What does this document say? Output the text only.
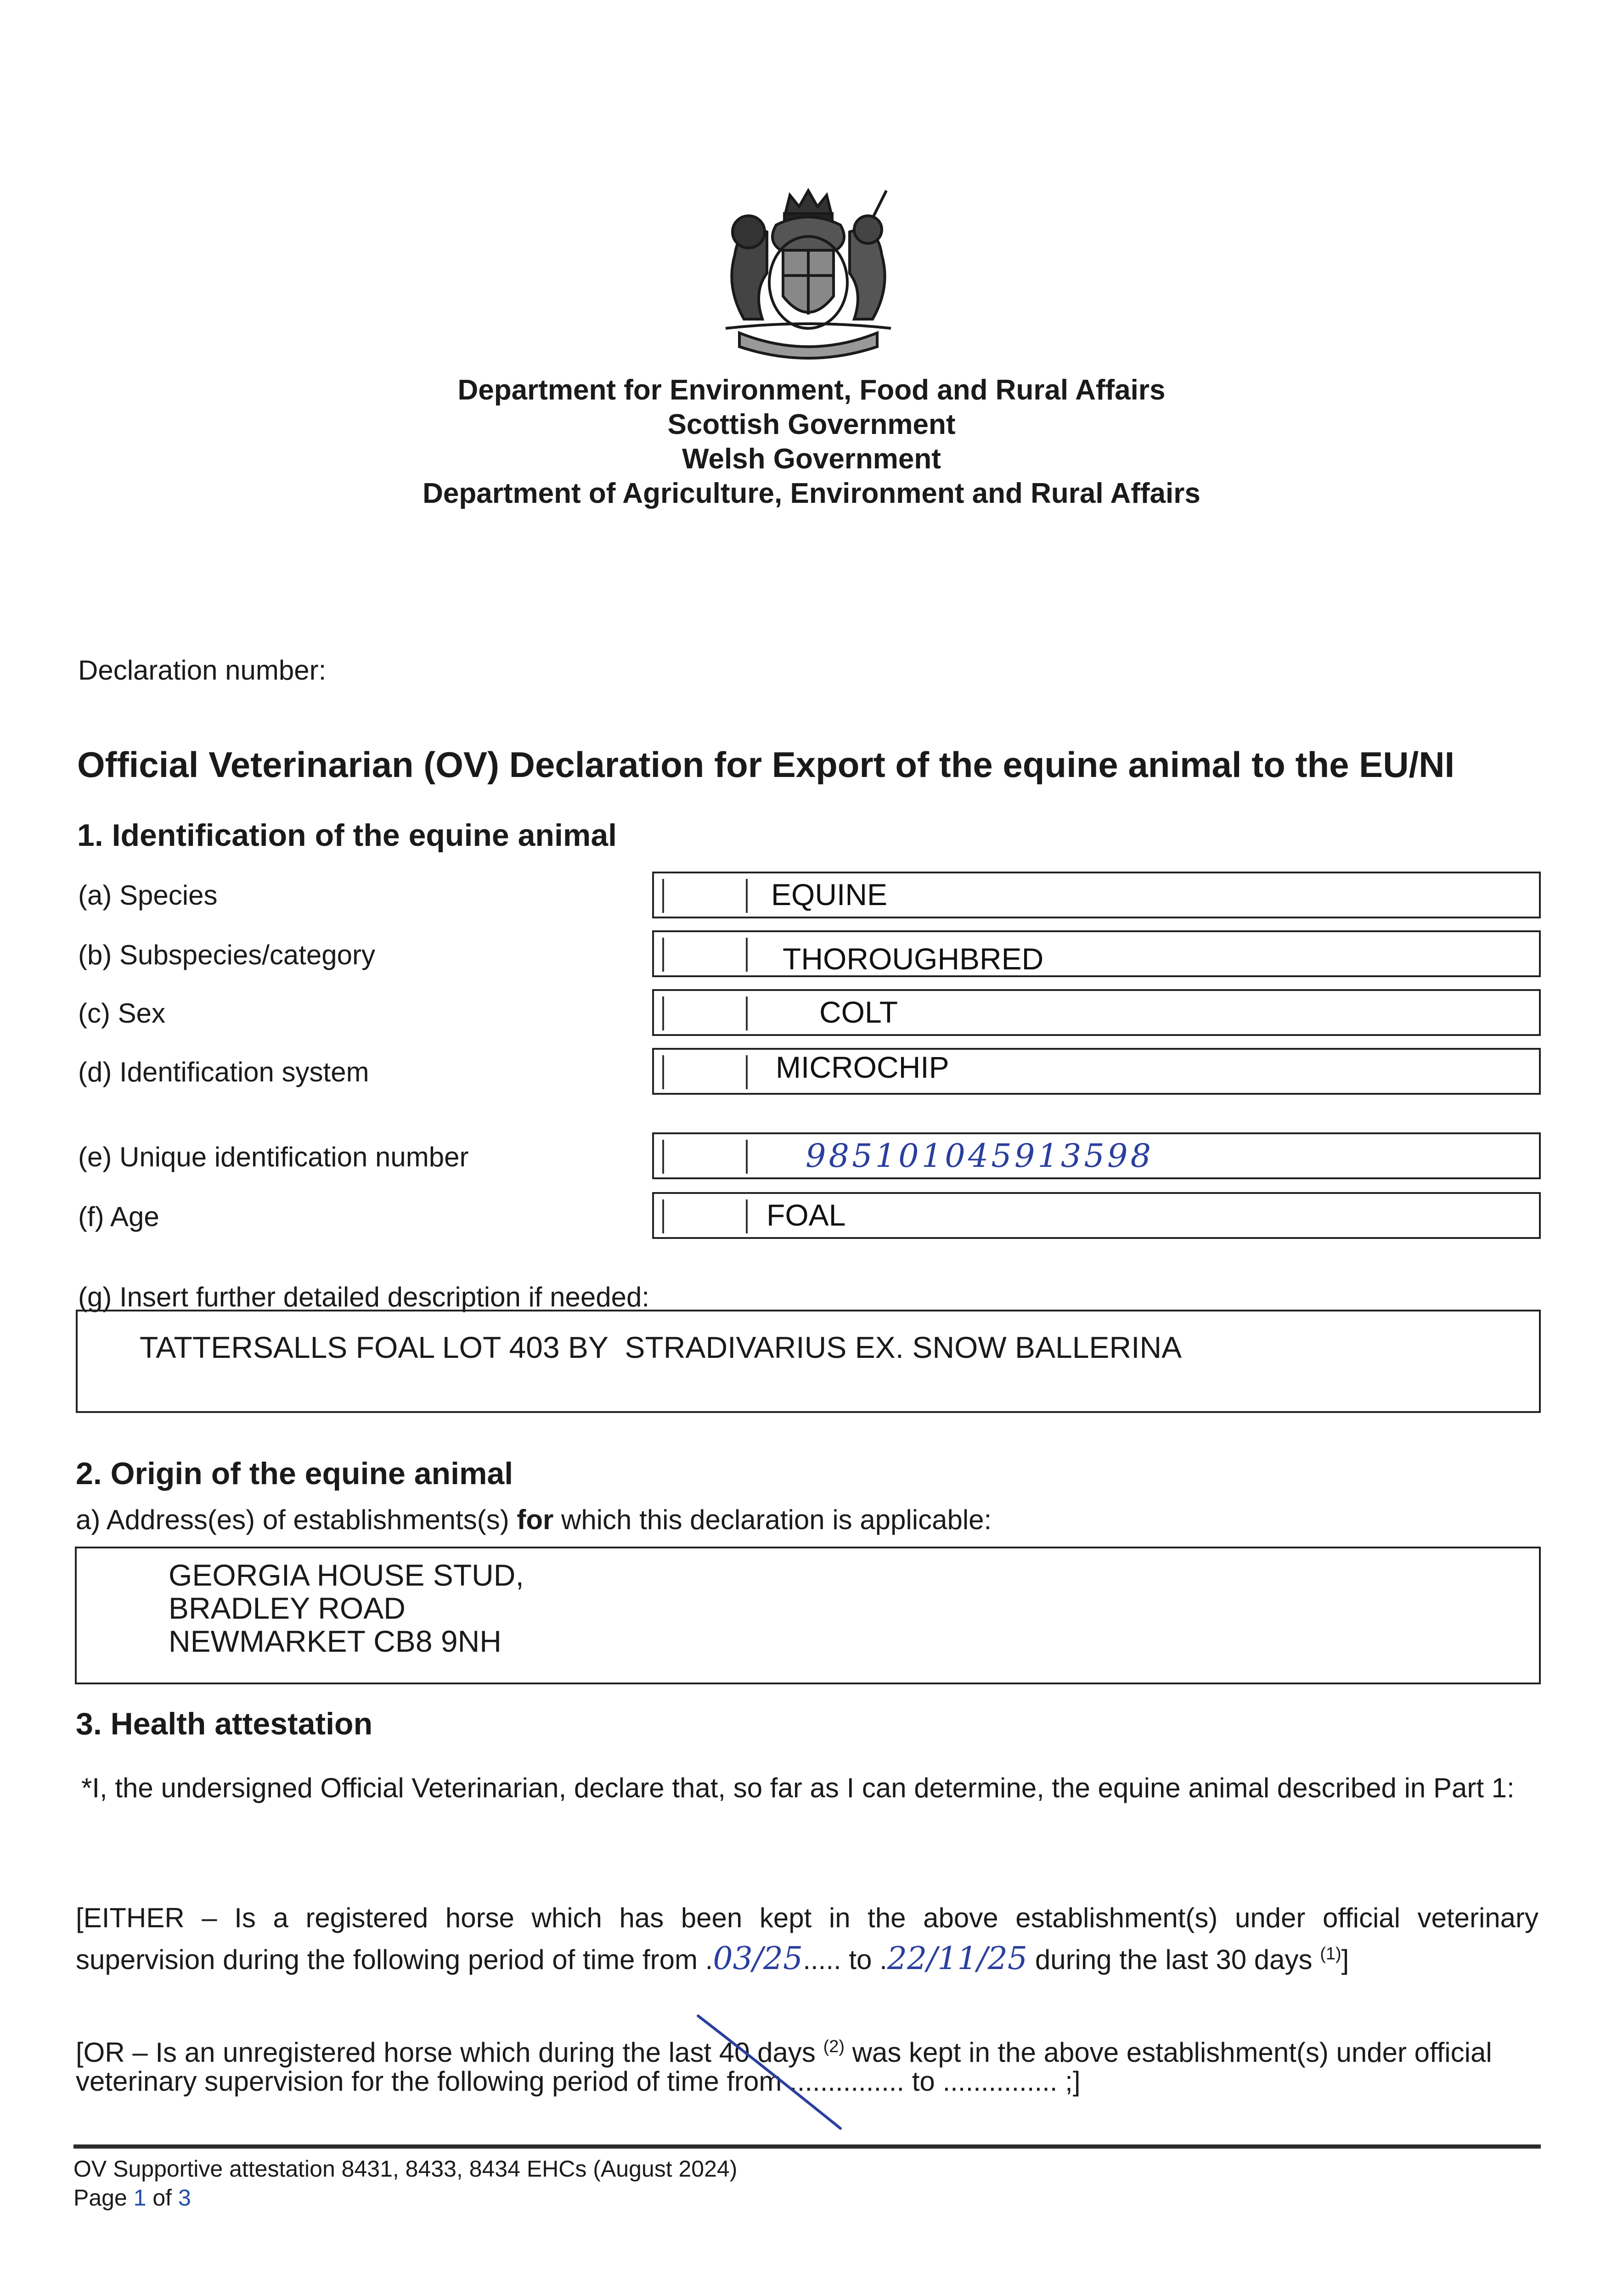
Department for Environment, Food and Rural Affairs
Scottish Government
Welsh Government
Department of Agriculture, Environment and Rural Affairs
Declaration number:
Official Veterinarian (OV) Declaration for Export of the equine animal to the EU/NI
1. Identification of the equine animal
(a) Species	EQUINE
(b) Subspecies/category	THOROUGHBRED
(c) Sex	COLT
(d) Identification system	MICROCHIP
(e) Unique identification number	985101045913598
(f) Age	FOAL
(g) Insert further detailed description if needed:
TATTERSALLS FOAL LOT 403 BY  STRADIVARIUS EX. SNOW BALLERINA
2. Origin of the equine animal
a) Address(es) of establishments(s) for which this declaration is applicable:
GEORGIA HOUSE STUD,
BRADLEY ROAD
NEWMARKET CB8 9NH
3. Health attestation
*I, the undersigned Official Veterinarian, declare that, so far as I can determine, the equine animal described in Part 1:
[EITHER – Is a registered horse which has been kept in the above establishment(s) under official veterinary
supervision during the following period of time from .03/25..... to .22/11/25 during the last 30 days $^{(1)}$]
[OR – Is an unregistered horse which during the last 40 days $^{(2)}$ was kept in the above establishment(s) under official
veterinary supervision for the following period of time from ............... to ............... ;]
OV Supportive attestation 8431, 8433, 8434 EHCs (August 2024)
Page 1 of 3
